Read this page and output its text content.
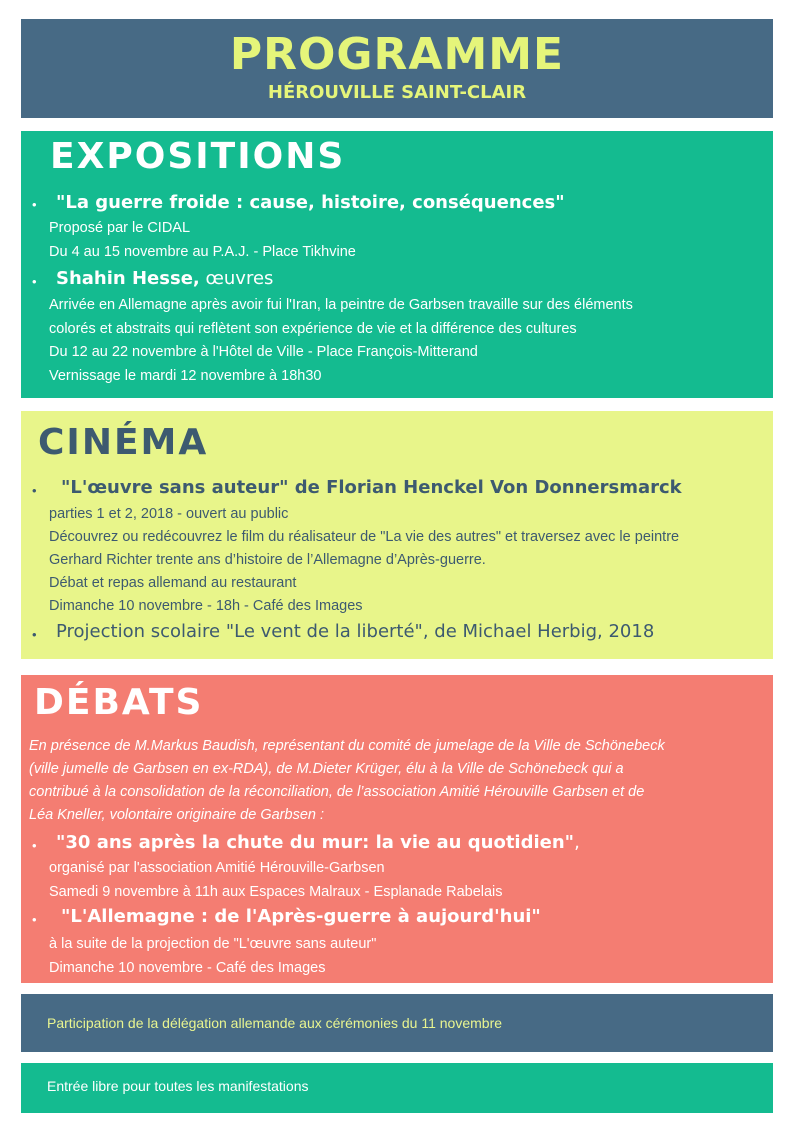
PROGRAMME
HÉROUVILLE SAINT-CLAIR
EXPOSITIONS
• "La guerre froide : cause, histoire, conséquences"
Proposé par le CIDAL
Du 4 au 15 novembre au P.A.J. - Place Tikhvine
• Shahin Hesse, œuvres
Arrivée en Allemagne après avoir fui l'Iran, la peintre de Garbsen travaille sur des éléments
colorés et abstraits qui reflètent son expérience de vie et la différence des cultures
Du 12 au 22 novembre à l'Hôtel de Ville - Place François-Mitterand
Vernissage le mardi 12 novembre à 18h30
CINÉMA
• "L'œuvre sans auteur" de Florian Henckel Von Donnersmarck
parties 1 et 2, 2018 - ouvert au public
Découvrez ou redécouvrez le film du réalisateur de "La vie des autres" et traversez avec le peintre
Gerhard Richter trente ans d’histoire de l’Allemagne d’Après-guerre.
Débat et repas allemand au restaurant
Dimanche 10 novembre - 18h - Café des Images
• Projection scolaire "Le vent de la liberté", de Michael Herbig, 2018
DÉBATS
En présence de M.Markus Baudish, représentant du comité de jumelage de la Ville de Schönebeck
(ville jumelle de Garbsen en ex-RDA), de M.Dieter Krüger, élu à la Ville de Schönebeck qui a
contribué à la consolidation de la réconciliation, de l’association Amitié Hérouville Garbsen et de
Léa Kneller, volontaire originaire de Garbsen :
• "30 ans après la chute du mur: la vie au quotidien",
organisé par l'association Amitié Hérouville-Garbsen
Samedi 9 novembre à 11h aux Espaces Malraux - Esplanade Rabelais
• "L'Allemagne : de l'Après-guerre à aujourd'hui"
à la suite de la projection de "L'œuvre sans auteur"
Dimanche 10 novembre - Café des Images
Participation de la délégation allemande aux cérémonies du 11 novembre
Entrée libre pour toutes les manifestations
